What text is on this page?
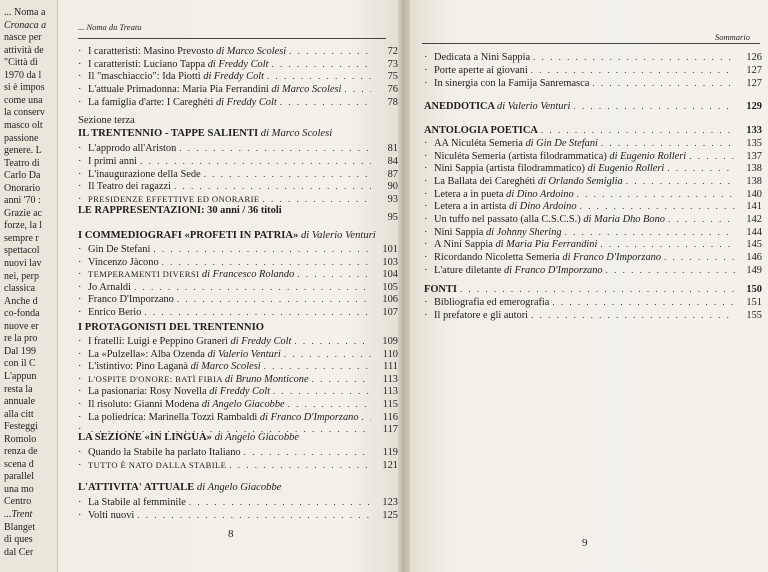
... Noma a
Cronaca a
nasce per
attività de
"Città di
1970 da l
si è impos
come una
la conserv
masco olt
passione
genere. L
Teatro di
Carlo Da
Onorario
anni '70 :
Grazie ac
forze, la l
sempre r
spettacol
nuovi lav
nei, perp
classica
Anche d
co-fonda
nuove er
re la pro
Dal 199
con il C
L'appun
resta la
annuale
alla citt
Festeggi
Romolo
renza de
scena d
parallel
una mo
Centro
...Trent
Blanget
di ques
dal Cer
... Noma du Treatu
· I caratteristi: Masino Prevosto di Marco Scolesi . . .	72
· I caratteristi: Luciano Tappa di Freddy Colt . . .	73
· Il "maschiaccio": Ida Piotti di Freddy Colt . . .	75
· L'attuale Primadonna: Maria Pia Ferrandini di Marco Scolesi . . .	76
· La famiglia d'arte: I Careghéti di Freddy Colt . . .	78
Sezione terza
IL TRENTENNIO - TAPPE SALIENTI di Marco Scolesi
· L'approdo all'Ariston . . .	81
· I primi anni . . .	84
· L'inaugurazione della Sede . . .	87
· Il Teatro dei ragazzi . . .	90
· PRESIDENZE EFFETTIVE ED ONORARIE . . .	93
LE RAPPRESENTAZIONI: 30 anni / 36 titoli
95
I COMMEDIOGRAFI «PROFETI IN PATRIA» di Valerio Venturi
· Gin De Stefani . . .	101
· Vincenzo Jàcono . . .	103
· TEMPERAMENTI DIVERSI di Francesco Rolando . . .	104
· Jo Arnaldi . . .	105
· Franco D'Imporzano . . .	106
· Enrico Berio . . .	107
I PROTAGONISTI DEL TRENTENNIO
· I fratelli: Luigi e Peppino Graneri di Freddy Colt . . .	109
· La «Pulzella»: Alba Ozenda di Valerio Venturi . . .	110
· L'istintivo: Pino Laganà di Marco Scolesi . . .	111
· L'OSPITE D'ONORE: BATÌ FIBIA di Bruno Monticone . . .	113
· La pasionaria: Rosy Novella di Freddy Colt . . .	113
· Il risoluto: Gianni Modena di Angelo Giacobbe . . .	115
· La poliedrica: Marinella Tozzi Rambaldi di Franco D'Imporzano . . .	116
· . . .	117
LA SEZIONE «IN LINGUA» di Angelo Giacobbe
· Quando la Stabile ha parlato Italiano . . .	119
· TUTTO È NATO DALLA STABILE . . .	121
L'ATTIVITA' ATTUALE di Angelo Giacobbe
· La Stabile al femminile . . .	123
· Volti nuovi . . .	125
8
Sommario
· Dedicata a Nini Sappia . . .	126
· Porte aperte ai giovani . . .	127
· In sinergia con la Famija Sanremasca . . .	127
ANEDDOTICA di Valerio Venturi . . .	129
ANTOLOGIA POETICA . . .	133
· AA Niculéta Semeria di Gin De Stefani . . .	135
· Niculéta Semeria (artista filodrammatica) di Eugenio Rolleri . . .	137
· Nini Sappia (artista filodrammatico) di Eugenio Rolleri . . .	138
· La Ballata dei Careghéti di Orlando Semiglia . . .	138
· Letera a in pueta di Dino Ardoino . . .	140
· Letera a in artista di Dino Ardoino . . .	141
· Un tuffo nel passato (alla C.S.C.S.) di Maria Dho Bono . . .	142
· Nini Sappia di Johnny Shering . . .	144
· A Nini Sappia di Maria Pia Ferrandini . . .	145
· Ricordando Nicoletta Semeria di Franco D'Imporzano . . .	146
· L'ature diletante di Franco D'Imporzano . . .	149
FONTI . . .	150
· Bibliografia ed emerografia . . .	151
· Il prefatore e gli autori . . .	155
9
